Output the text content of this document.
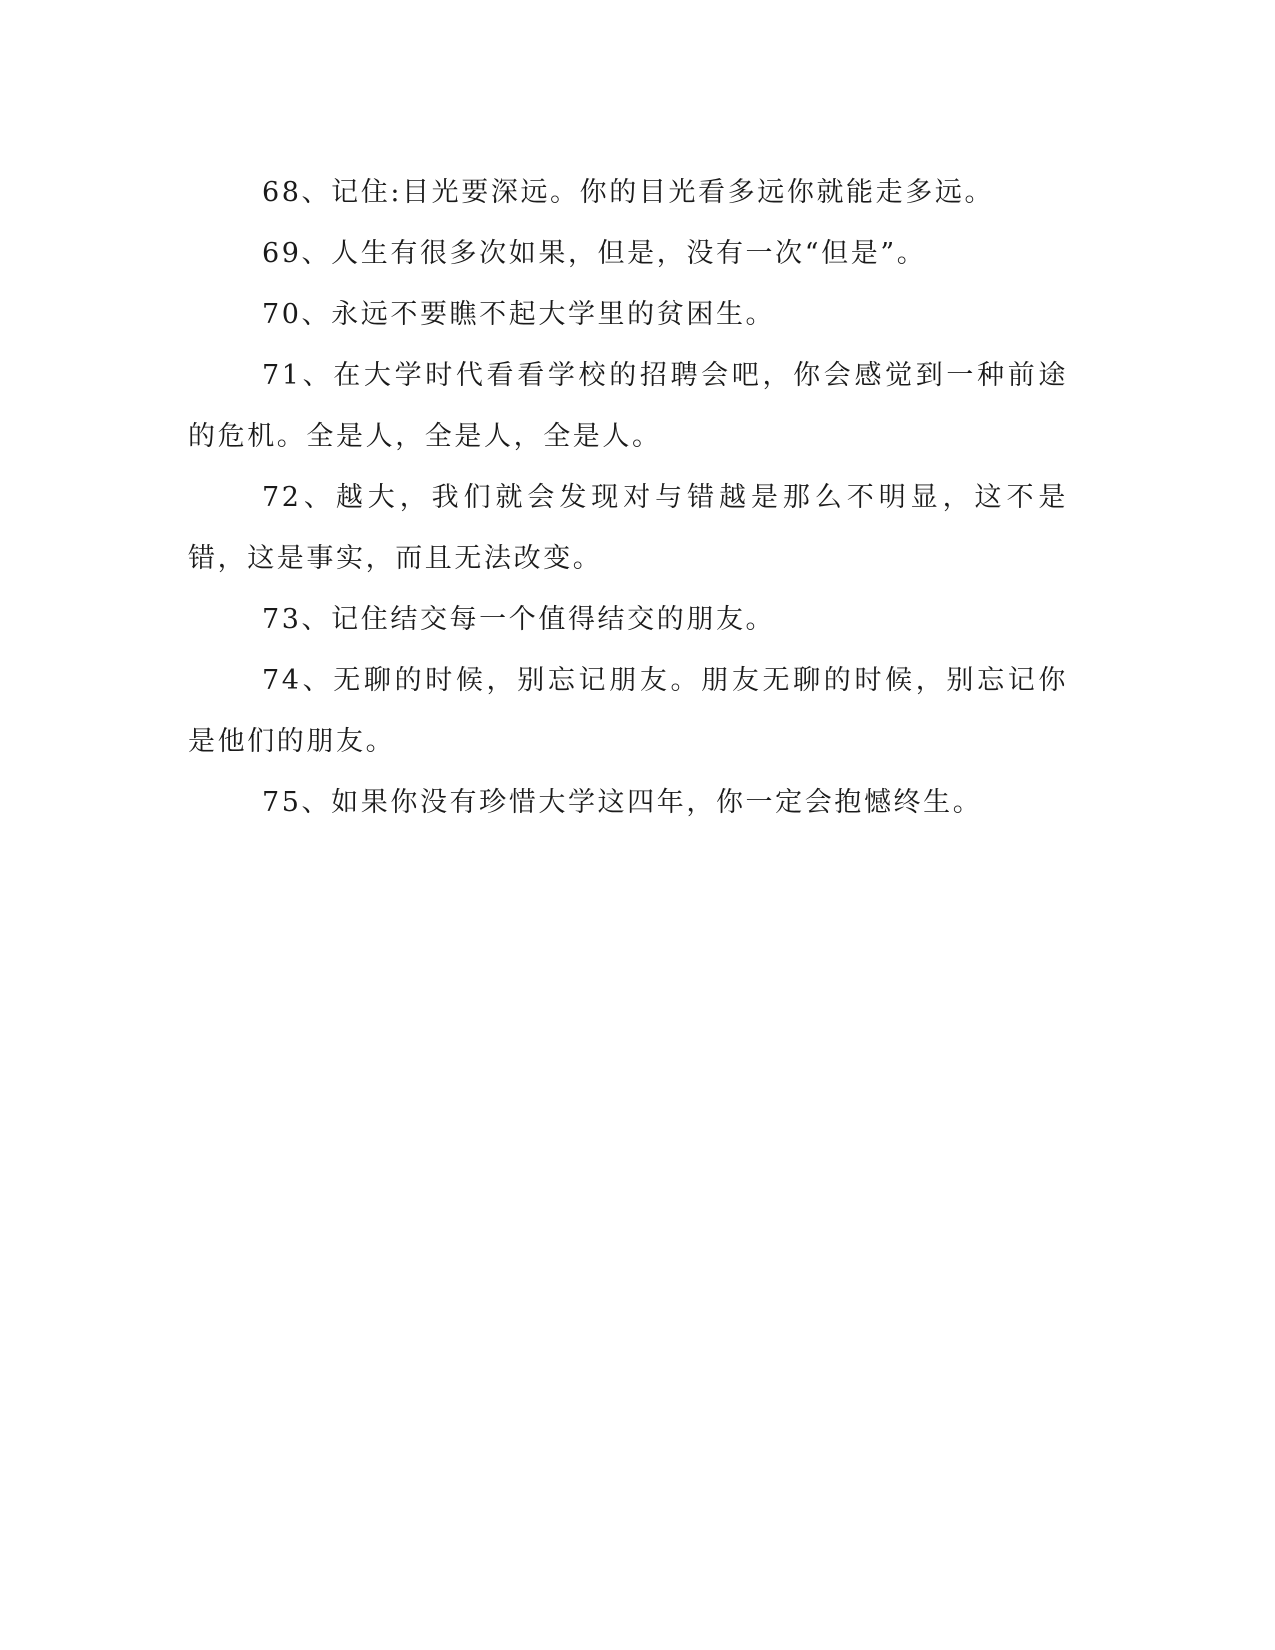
68、记住:目光要深远。你的目光看多远你就能走多远。

69、人生有很多次如果，但是，没有一次“但是”。

70、永远不要瞧不起大学里的贫困生。

71、在大学时代看看学校的招聘会吧，你会感觉到一种前途的危机。全是人，全是人，全是人。

72、越大，我们就会发现对与错越是那么不明显，这不是错，这是事实，而且无法改变。

73、记住结交每一个值得结交的朋友。

74、无聊的时候，别忘记朋友。朋友无聊的时候，别忘记你是他们的朋友。

75、如果你没有珍惜大学这四年，你一定会抱憾终生。
